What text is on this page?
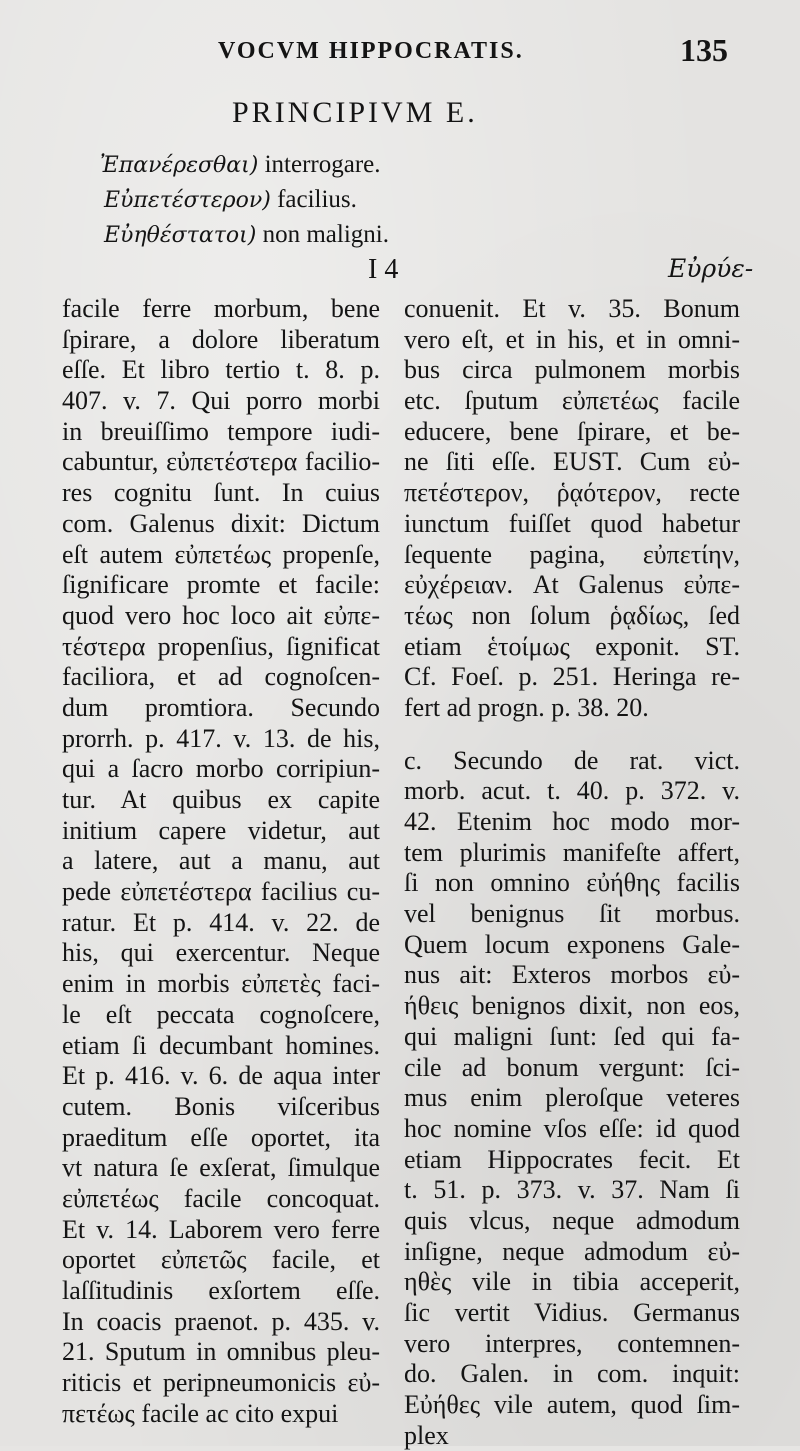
VOCVM HIPPOCRATIS.	135
PRINCIPIVM E.
Ἐπανέρεσθαι) interrogare.
Εὐπετέστερον) facilius.
Εὐηθέστατοι) non maligni.
I 4	Εὐρύε-
facile ferre morbum, bene
ſpirare, a dolore liberatum
eſſe. Et libro tertio t. 8. p.
407. v. 7. Qui porro morbi
in breuiſſimo tempore iudi-
cabuntur, εὐπετέστερα facilio-
res cognitu ſunt. In cuius
com. Galenus dixit: Dictum
eſt autem εὐπετέως propenſe,
ſignificare promte et facile:
quod vero hoc loco ait εὐπε-
τέστερα propenſius, ſignificat
faciliora, et ad cognoſcen-
dum promtiora. Secundo
prorrh. p. 417. v. 13. de his,
qui a ſacro morbo corripiun-
tur. At quibus ex capite
initium capere videtur, aut
a latere, aut a manu, aut
pede εὐπετέστερα facilius cu-
ratur. Et p. 414. v. 22. de
his, qui exercentur. Neque
enim in morbis εὐπετὲς faci-
le eſt peccata cognoſcere,
etiam ſi decumbant homines.
Et p. 416. v. 6. de aqua inter
cutem. Bonis viſceribus
praeditum eſſe oportet, ita
vt natura ſe exſerat, ſimulque
εὐπετέως facile concoquat.
Et v. 14. Laborem vero ferre
oportet εὐπετῶς facile, et
laſſitudinis exſortem eſſe.
In coacis praenot. p. 435. v.
21. Sputum in omnibus pleu-
riticis et peripneumonicis εὐ-
πετέως facile ac cito expui
conuenit. Et v. 35. Bonum
vero eſt, et in his, et in omni-
bus circa pulmonem morbis
etc. ſputum εὐπετέως facile
educere, bene ſpirare, et be-
ne ſiti eſſe. EUST. Cum εὐ-
πετέστερον, ῥᾳότερον, recte
iunctum fuiſſet quod habetur
ſequente pagina, εὐπετίην,
εὐχέρειαν. At Galenus εὐπε-
τέως non ſolum ῥᾳδίως, ſed
etiam ἑτοίμως exponit. ST.
Cf. Foeſ. p. 251. Heringa re-
fert ad progn. p. 38. 20.
c. Secundo de rat. vict.
morb. acut. t. 40. p. 372. v.
42. Etenim hoc modo mor-
tem plurimis manifeſte affert,
ſi non omnino εὐήθης facilis
vel benignus ſit morbus.
Quem locum exponens Gale-
nus ait: Exteros morbos εὐ-
ήθεις benignos dixit, non eos,
qui maligni ſunt: ſed qui fa-
cile ad bonum vergunt: ſci-
mus enim pleroſque veteres
hoc nomine vſos eſſe: id quod
etiam Hippocrates fecit. Et
t. 51. p. 373. v. 37. Nam ſi
quis vlcus, neque admodum
inſigne, neque admodum εὐ-
ηθὲς vile in tibia acceperit,
ſic vertit Vidius. Germanus
vero interpres, contemnen-
do. Galen. in com. inquit:
Εὐήθες vile autem, quod ſim-
plex
